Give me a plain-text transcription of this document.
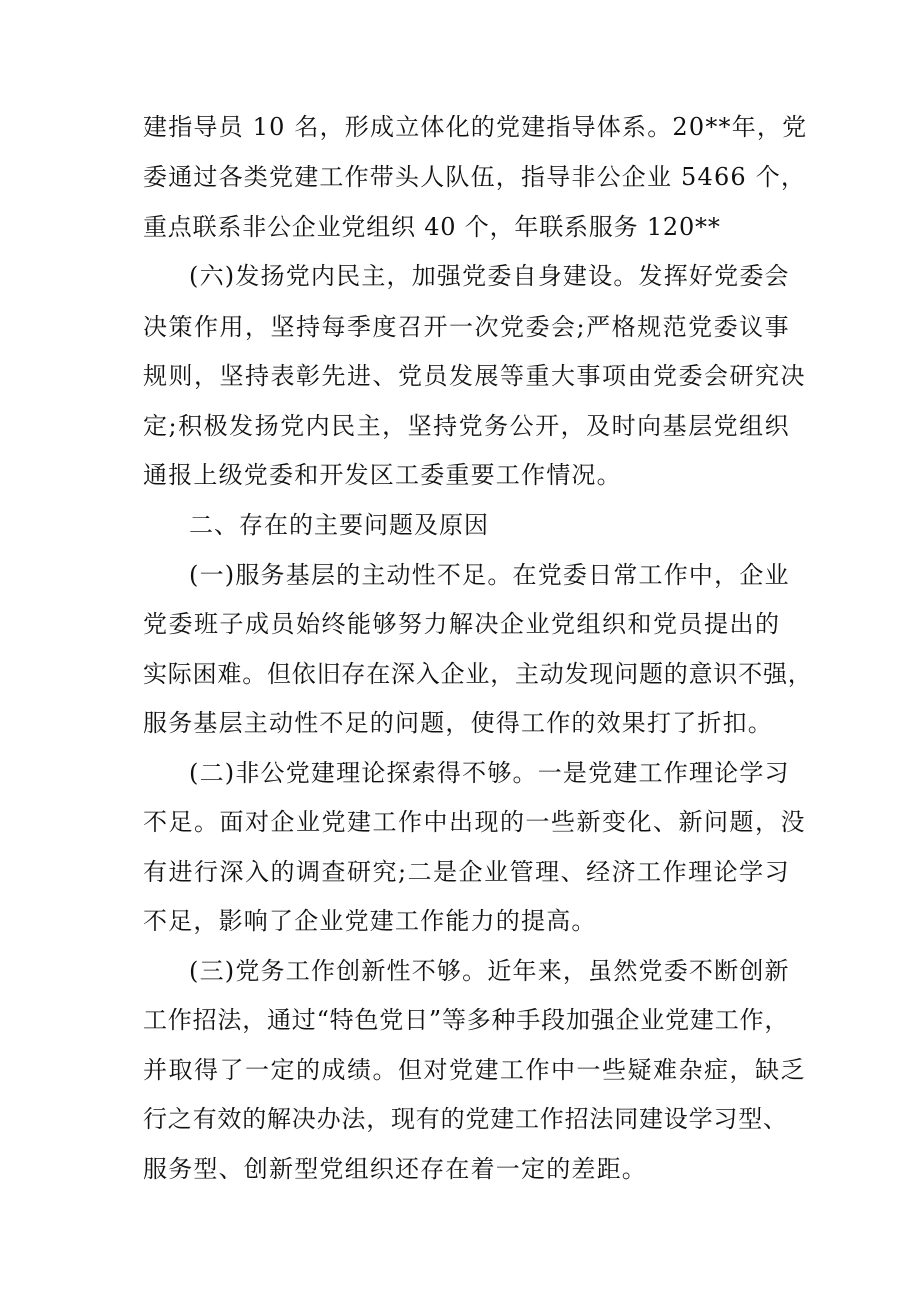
建指导员 10 名，形成立体化的党建指导体系。20**年，党

委通过各类党建工作带头人队伍，指导非公企业 5466 个，

重点联系非公企业党组织 40 个，年联系服务 120**

(六)发扬党内民主，加强党委自身建设。发挥好党委会

决策作用，坚持每季度召开一次党委会;严格规范党委议事

规则，坚持表彰先进、党员发展等重大事项由党委会研究决

定;积极发扬党内民主，坚持党务公开，及时向基层党组织

通报上级党委和开发区工委重要工作情况。

二、存在的主要问题及原因

(一)服务基层的主动性不足。在党委日常工作中，企业

党委班子成员始终能够努力解决企业党组织和党员提出的

实际困难。但依旧存在深入企业，主动发现问题的意识不强，

服务基层主动性不足的问题，使得工作的效果打了折扣。

(二)非公党建理论探索得不够。一是党建工作理论学习

不足。面对企业党建工作中出现的一些新变化、新问题，没

有进行深入的调查研究;二是企业管理、经济工作理论学习

不足，影响了企业党建工作能力的提高。

(三)党务工作创新性不够。近年来，虽然党委不断创新

工作招法，通过“特色党日”等多种手段加强企业党建工作，

并取得了一定的成绩。但对党建工作中一些疑难杂症，缺乏

行之有效的解决办法，现有的党建工作招法同建设学习型、

服务型、创新型党组织还存在着一定的差距。
